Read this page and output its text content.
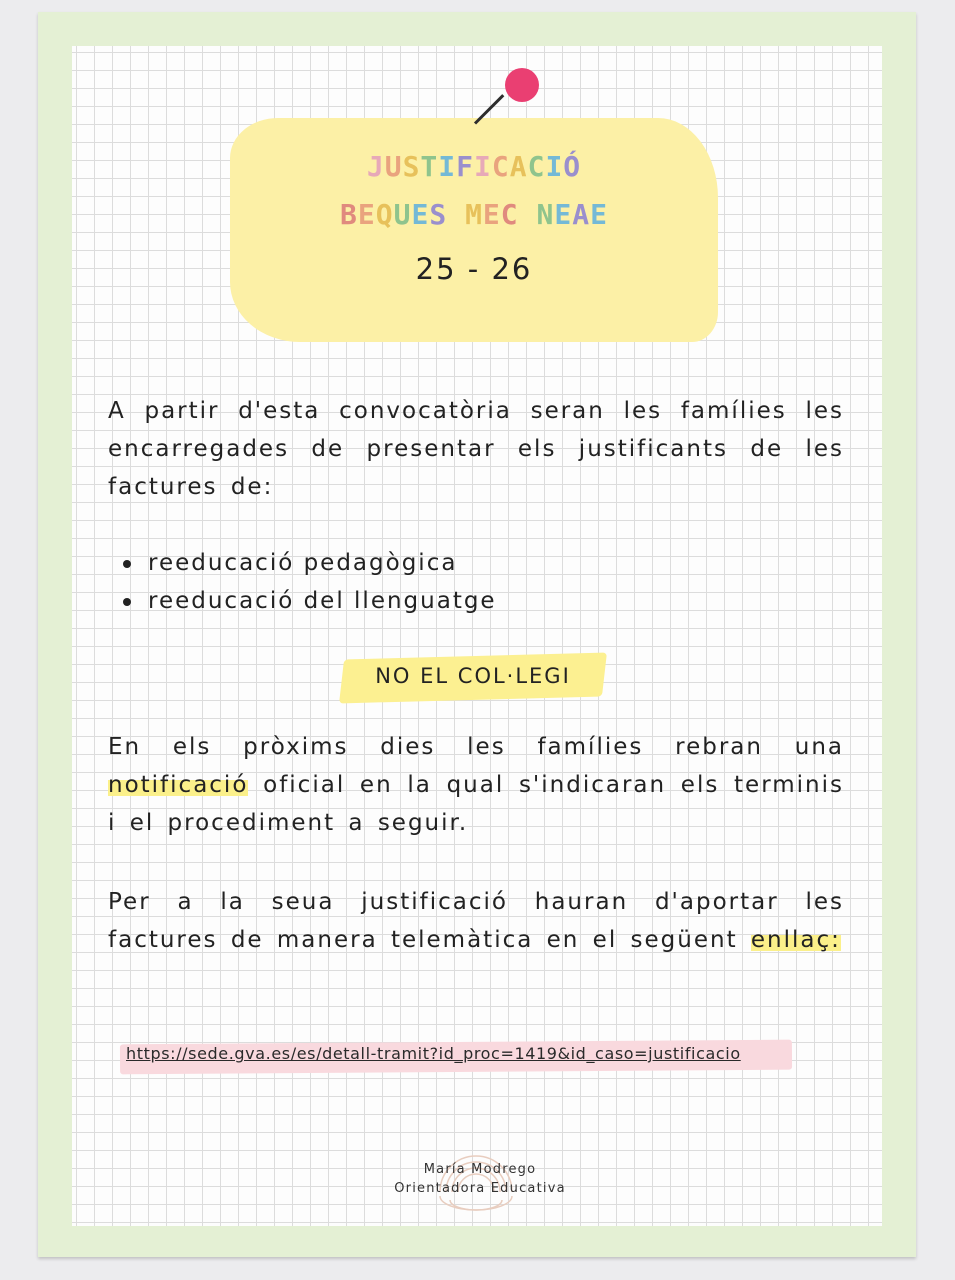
JUSTIFICACIÓ
BEQUES MEC NEAE
25 - 26
A partir d'esta convocatòria seran les famílies les encarregades de presentar els justificants de les factures de:
reeducació pedagògica
reeducació del llenguatge
NO EL COL·LEGI
En els pròxims dies les famílies rebran una notificació oficial en la qual s'indicaran els terminis i el procediment a seguir.
Per a la seua justificació hauran d'aportar les factures de manera telemàtica en el següent enllaç:
https://sede.gva.es/es/detall-tramit?id_proc=1419&id_caso=justificacio
María Modrego
Orientadora Educativa
